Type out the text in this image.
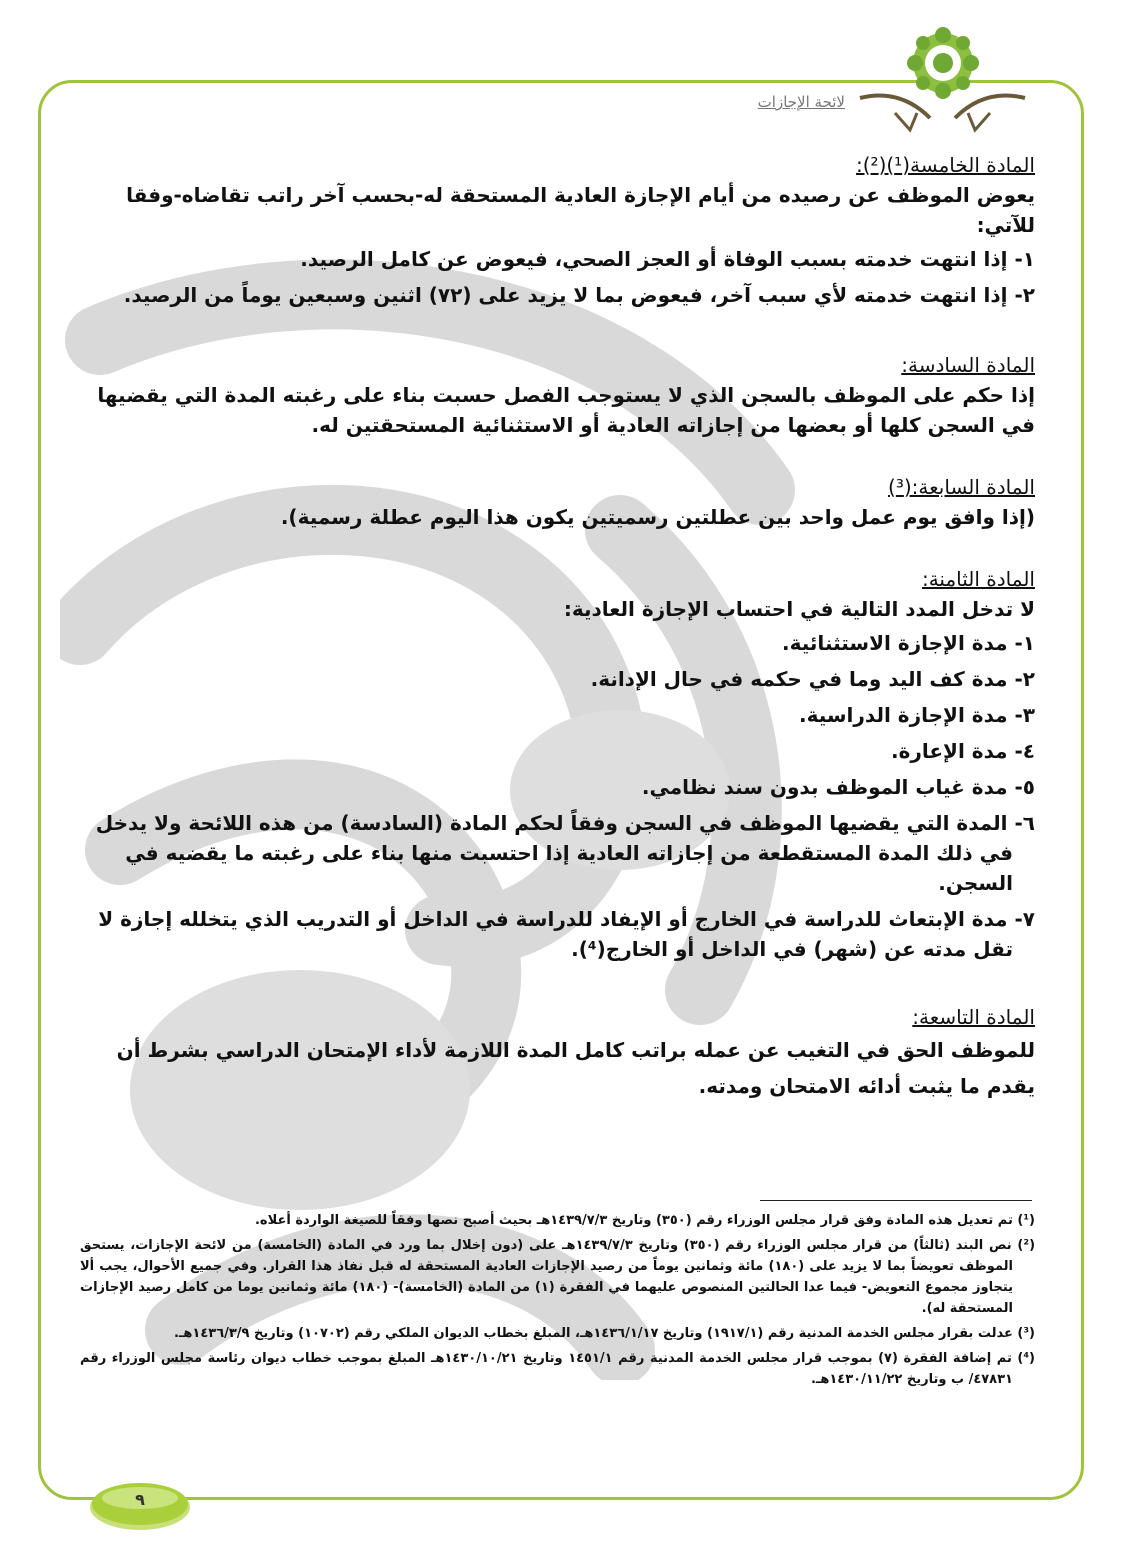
لائحة الإجازات
المادة الخامسة(¹)(²):
يعوض الموظف عن رصيده من أيام الإجازة العادية المستحقة له-بحسب آخر راتب تقاضاه-وفقا للآتي:
١- إذا انتهت خدمته بسبب الوفاة أو العجز الصحي، فيعوض عن كامل الرصيد.
٢- إذا انتهت خدمته لأي سبب آخر، فيعوض بما لا يزيد على (٧٢) اثنين وسبعين يوماً من الرصيد.
المادة السادسة:
إذا حكم على الموظف بالسجن الذي لا يستوجب الفصل حسبت بناء على رغبته المدة التي يقضيها في السجن كلها أو بعضها من إجازاته العادية أو الاستثنائية المستحقتين له.
المادة السابعة:(³)
(إذا وافق يوم عمل واحد بين عطلتين رسميتين يكون هذا اليوم عطلة رسمية).
المادة الثامنة:
لا تدخل المدد التالية في احتساب الإجازة العادية:
١- مدة الإجازة الاستثنائية.
٢- مدة كف اليد وما في حكمه في حال الإدانة.
٣- مدة الإجازة الدراسية.
٤- مدة الإعارة.
٥- مدة غياب الموظف بدون سند نظامي.
٦- المدة التي يقضيها الموظف في السجن وفقاً لحكم المادة (السادسة) من هذه اللائحة ولا يدخل في ذلك المدة المستقطعة من إجازاته العادية إذا احتسبت منها بناء على رغبته ما يقضيه في السجن.
٧- مدة الإبتعاث للدراسة في الخارج أو الإيفاد للدراسة في الداخل أو التدريب الذي يتخلله إجازة لا تقل مدته عن (شهر) في الداخل أو الخارج(⁴).
المادة التاسعة:
للموظف الحق في التغيب عن عمله براتب كامل المدة اللازمة لأداء الإمتحان الدراسي بشرط أن يقدم ما يثبت أدائه الامتحان ومدته.

(¹) تم تعديل هذه المادة وفق قرار مجلس الوزراء رقم (٣٥٠) وتاريخ ١٤٣٩/٧/٣هـ بحيث أصبح نصها وفقاً للصيغة الواردة أعلاه.

(²) نص البند (ثالثاً) من قرار مجلس الوزراء رقم (٣٥٠) وتاريخ ١٤٣٩/٧/٣هـ على (دون إخلال بما ورد في المادة (الخامسة) من لائحة الإجازات، يستحق الموظف تعويضاً بما لا يزيد على (١٨٠) مائة وثمانين يوماً من رصيد الإجازات العادية المستحقة له قبل نفاذ هذا القرار. وفي جميع الأحوال، يجب ألا يتجاوز مجموع التعويض- فيما عدا الحالتين المنصوص عليهما في الفقرة (١) من المادة (الخامسة)- (١٨٠) مائة وثمانين يوما من كامل رصيد الإجازات المستحقة له).

(³) عدلت بقرار مجلس الخدمة المدنية رقم (١٩١٧/١) وتاريخ ١٤٣٦/١/١٧هـ، المبلغ بخطاب الديوان الملكي رقم (١٠٧٠٢) وتاريخ ١٤٣٦/٣/٩هـ.

(⁴) تم إضافة الفقرة (٧) بموجب قرار مجلس الخدمة المدنية رقم ١٤٥١/١ وتاريخ ١٤٣٠/١٠/٢١هـ المبلغ بموجب خطاب ديوان رئاسة مجلس الوزراء رقم ٤٧٨٣١/ ب وتاريخ ١٤٣٠/١١/٢٢هـ.

٩
